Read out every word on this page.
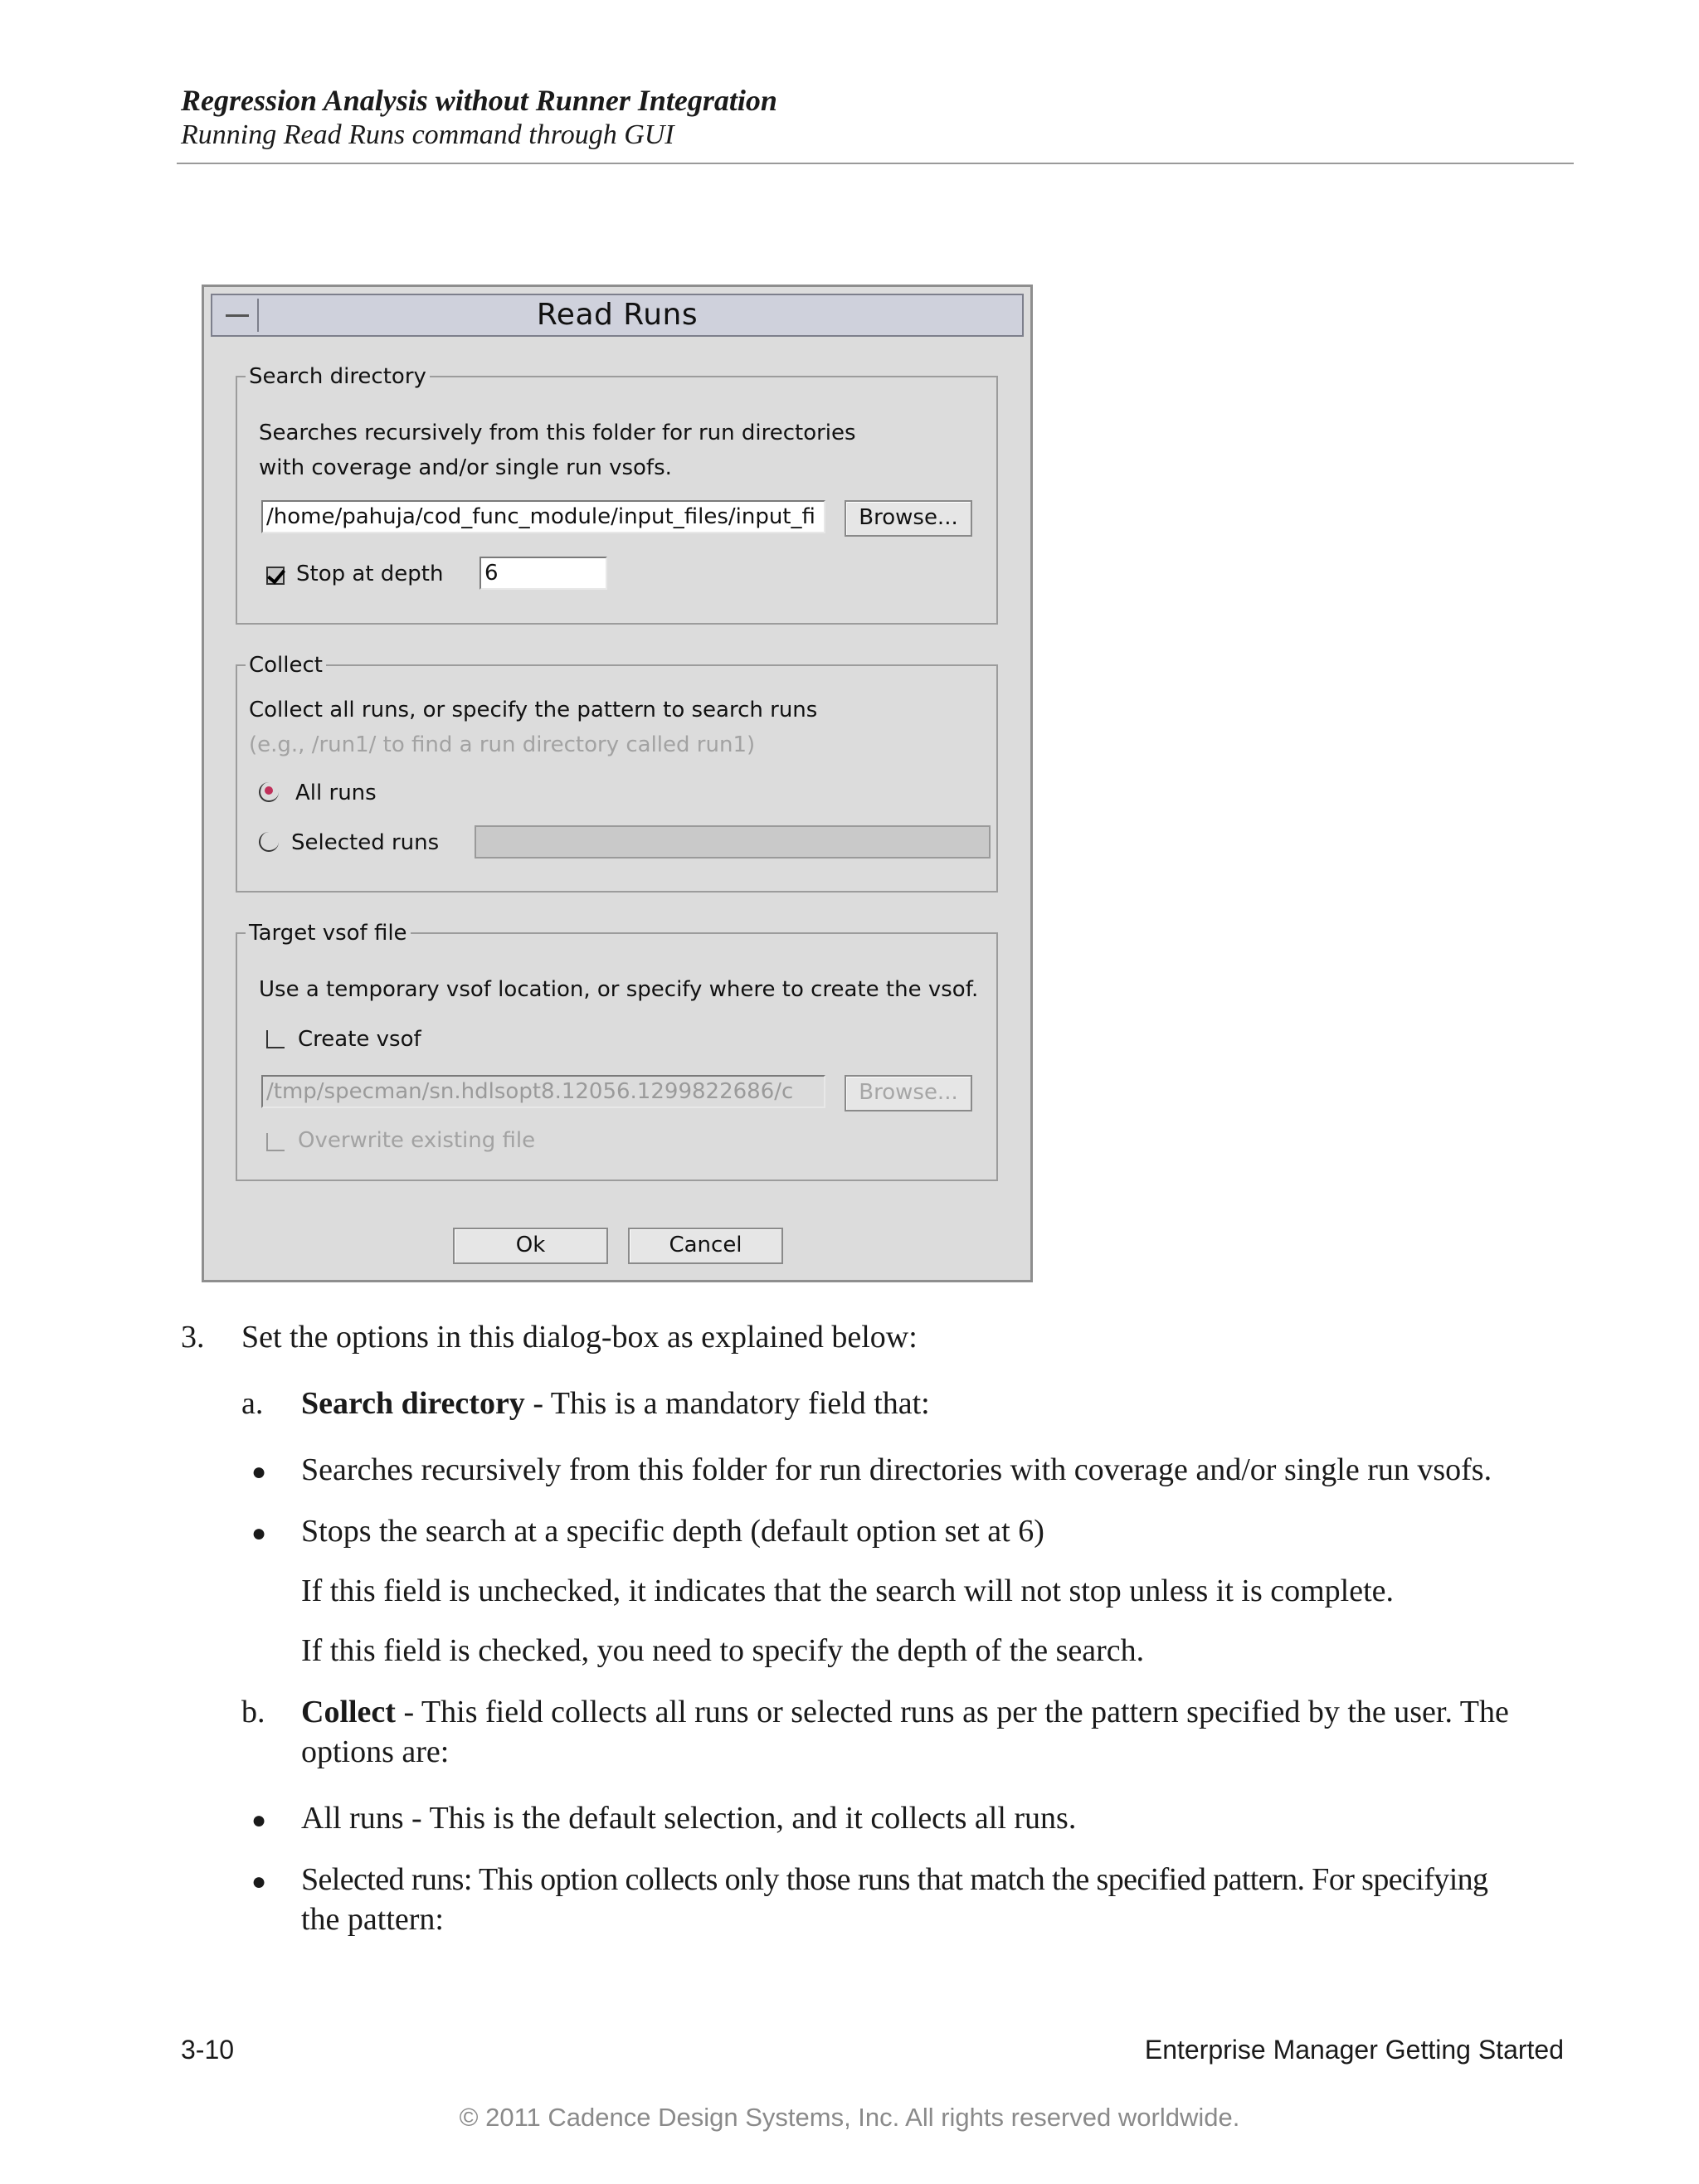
Regression Analysis without Runner Integration
Running Read Runs command through GUI
Read Runs
Search directory
Searches recursively from this folder for run directories
with coverage and/or single run vsofs.
/home/pahuja/cod_func_module/input_files/input_fi	Browse...
Stop at depth 6
Collect
Collect all runs, or specify the pattern to search runs
(e.g., /run1/ to find a run directory called run1)
All runs
Selected runs
Target vsof file
Use a temporary vsof location, or specify where to create the vsof.
Create vsof
/tmp/specman/sn.hdlsopt8.12056.1299822686/c	Browse...
Overwrite existing file
Ok	Cancel
3. Set the options in this dialog-box as explained below:
a. Search directory - This is a mandatory field that:
● Searches recursively from this folder for run directories with coverage and/or single run vsofs.
● Stops the search at a specific depth (default option set at 6)
If this field is unchecked, it indicates that the search will not stop unless it is complete.
If this field is checked, you need to specify the depth of the search.
b. Collect - This field collects all runs or selected runs as per the pattern specified by the user. The
options are:
● All runs - This is the default selection, and it collects all runs.
● Selected runs: This option collects only those runs that match the specified pattern. For specifying
the pattern:
3-10	Enterprise Manager Getting Started
© 2011 Cadence Design Systems, Inc. All rights reserved worldwide.
